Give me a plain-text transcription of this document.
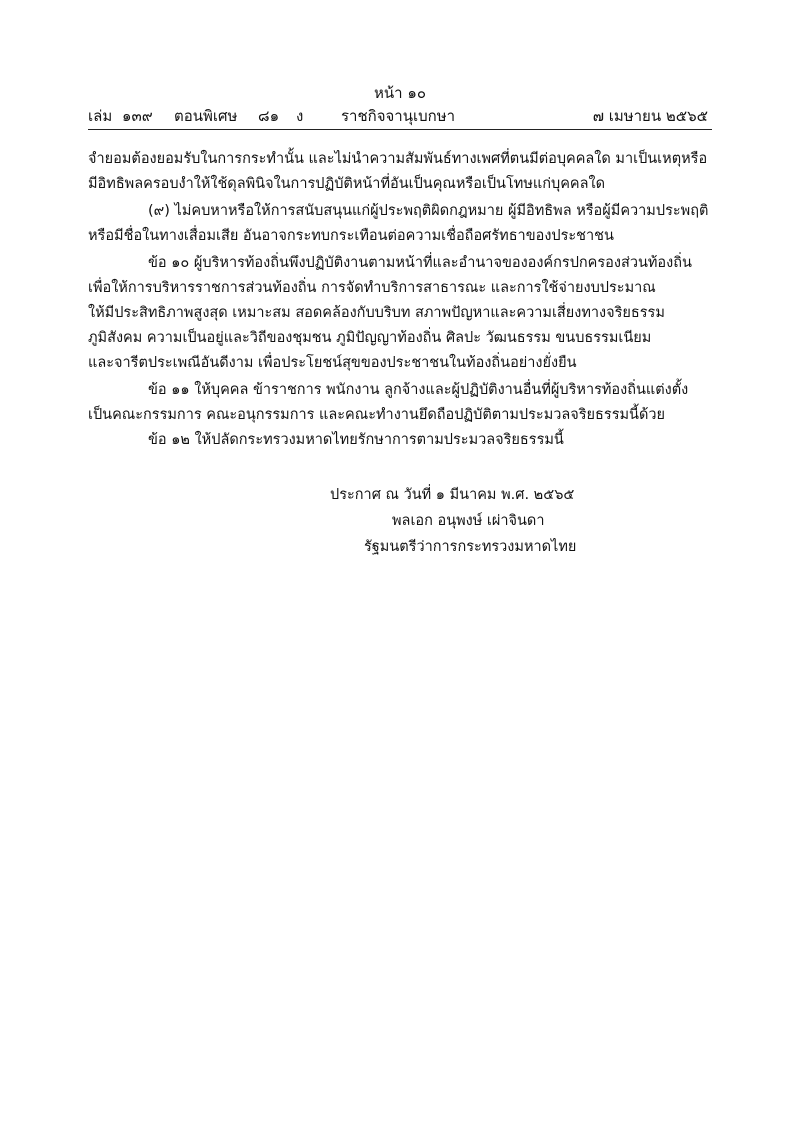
หน้า ๑๐
เล่ม ๑๓๙ ตอนพิเศษ ๘๑ ง	ราชกิจจานุเบกษา	๗ เมษายน ๒๕๖๕
จำยอมต้องยอมรับในการกระทำนั้น และไม่นำความสัมพันธ์ทางเพศที่ตนมีต่อบุคคลใด มาเป็นเหตุหรือ
มีอิทธิพลครอบงำให้ใช้ดุลพินิจในการปฏิบัติหน้าที่อันเป็นคุณหรือเป็นโทษแก่บุคคลใด
(๙) ไม่คบหาหรือให้การสนับสนุนแก่ผู้ประพฤติผิดกฎหมาย ผู้มีอิทธิพล หรือผู้มีความประพฤติ
หรือมีชื่อในทางเสื่อมเสีย อันอาจกระทบกระเทือนต่อความเชื่อถือศรัทธาของประชาชน
ข้อ ๑๐ ผู้บริหารท้องถิ่นพึงปฏิบัติงานตามหน้าที่และอำนาจขององค์กรปกครองส่วนท้องถิ่น
เพื่อให้การบริหารราชการส่วนท้องถิ่น การจัดทำบริการสาธารณะ และการใช้จ่ายงบประมาณ
ให้มีประสิทธิภาพสูงสุด เหมาะสม สอดคล้องกับบริบท สภาพปัญหาและความเสี่ยงทางจริยธรรม
ภูมิสังคม ความเป็นอยู่และวิถีของชุมชน ภูมิปัญญาท้องถิ่น ศิลปะ วัฒนธรรม ขนบธรรมเนียม
และจารีตประเพณีอันดีงาม เพื่อประโยชน์สุขของประชาชนในท้องถิ่นอย่างยั่งยืน
ข้อ ๑๑ ให้บุคคล ข้าราชการ พนักงาน ลูกจ้างและผู้ปฏิบัติงานอื่นที่ผู้บริหารท้องถิ่นแต่งตั้ง
เป็นคณะกรรมการ คณะอนุกรรมการ และคณะทำงานยึดถือปฏิบัติตามประมวลจริยธรรมนี้ด้วย
ข้อ ๑๒ ให้ปลัดกระทรวงมหาดไทยรักษาการตามประมวลจริยธรรมนี้
ประกาศ ณ วันที่ ๑ มีนาคม พ.ศ. ๒๕๖๕
พลเอก อนุพงษ์ เผ่าจินดา
รัฐมนตรีว่าการกระทรวงมหาดไทย
